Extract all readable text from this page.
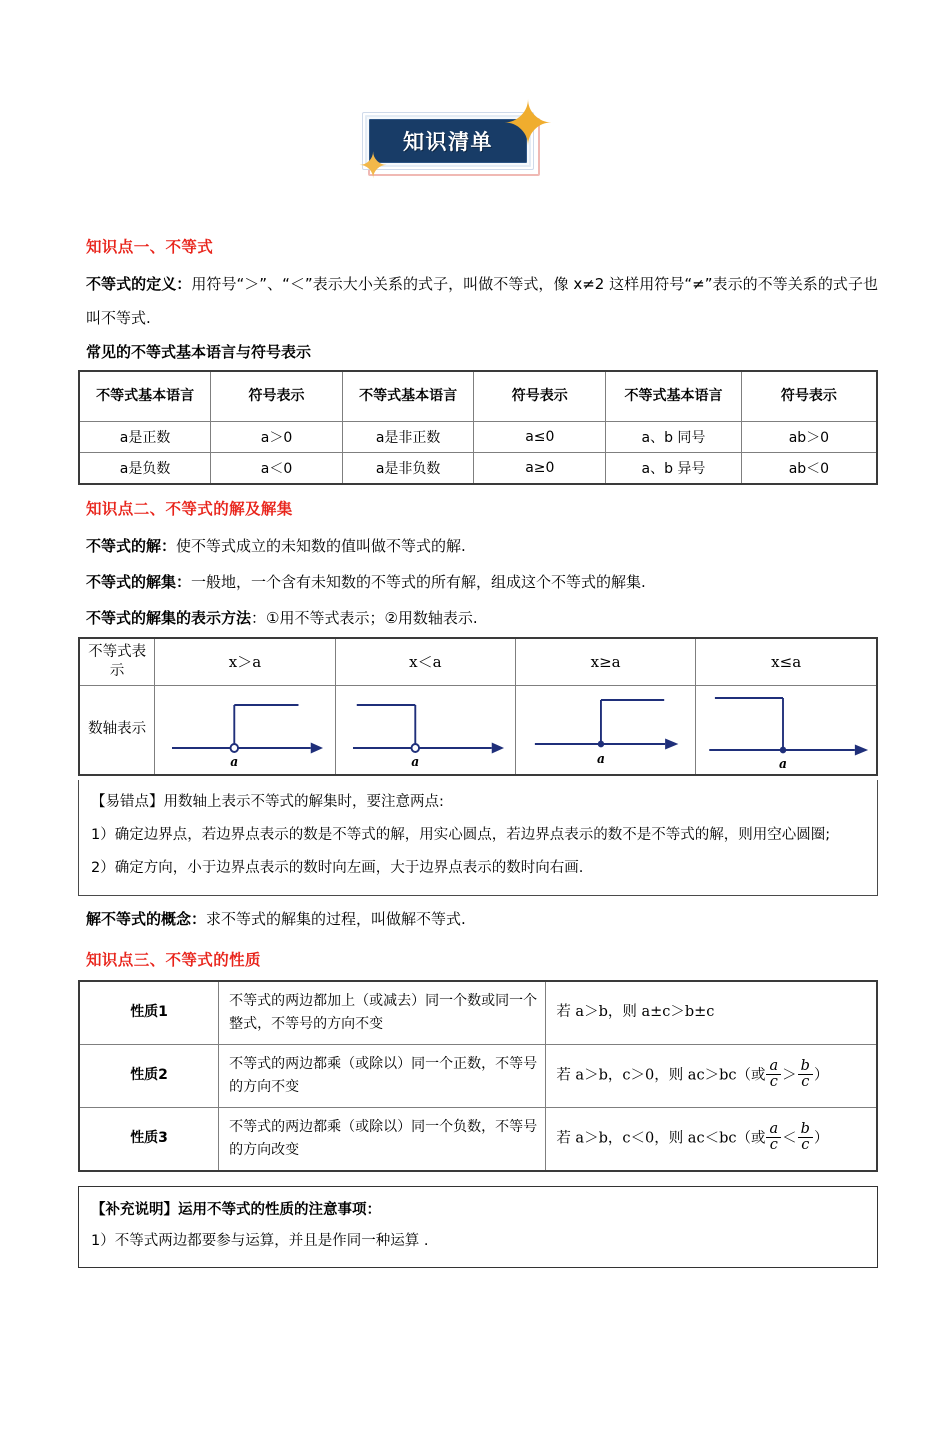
知识清单 ✦
✦
知识点一、不等式

不等式的定义：用符号“＞”、“＜”表示大小关系的式子，叫做不等式，像 x≠2 这样用符号“≠”表示的不等关系的式子也叫不等式.

常见的不等式基本语言与符号表示
不等式基本语言	符号表示	不等式基本语言	符号表示	不等式基本语言	符号表示
a是正数	a＞0	a是非正数	a≤0	a、b 同号	ab＞0
a是负数	a＜0	a是非负数	a≥0	a、b 异号	ab＜0
知识点二、不等式的解及解集

不等式的解：使不等式成立的未知数的值叫做不等式的解.

不等式的解集：一般地，一个含有未知数的不等式的所有解，组成这个不等式的解集.

不等式的解集的表示方法：①用不等式表示；②用数轴表示.

不等式表示	x＞a	x＜a	x≥a	x≤a
数轴表示	a	a	a	a

【易错点】用数轴上表示不等式的解集时，要注意两点:

1）确定边界点，若边界点表示的数是不等式的解，用实心圆点，若边界点表示的数不是不等式的解，则用空心圆圈;

2）确定方向，小于边界点表示的数时向左画，大于边界点表示的数时向右画.

解不等式的概念：求不等式的解集的过程，叫做解不等式.

知识点三、不等式的性质
性质1	不等式的两边都加上（或减去）同一个数或同一个整式，不等号的方向不变	若 a＞b，则 a±c＞b±c
性质2	不等式的两边都乘（或除以）同一个正数，不等号的方向不变	若 a＞b，c＞0，则 ac＞bc（或 $\frac{a}{c} > \frac{b}{c}$ ）
性质3	不等式的两边都乘（或除以）同一个负数，不等号的方向改变	若 a＞b，c＜0，则 ac＜bc（或 $\frac{a}{c} < \frac{b}{c}$ ）

【补充说明】运用不等式的性质的注意事项：

1）不等式两边都要参与运算，并且是作同一种运算 .
